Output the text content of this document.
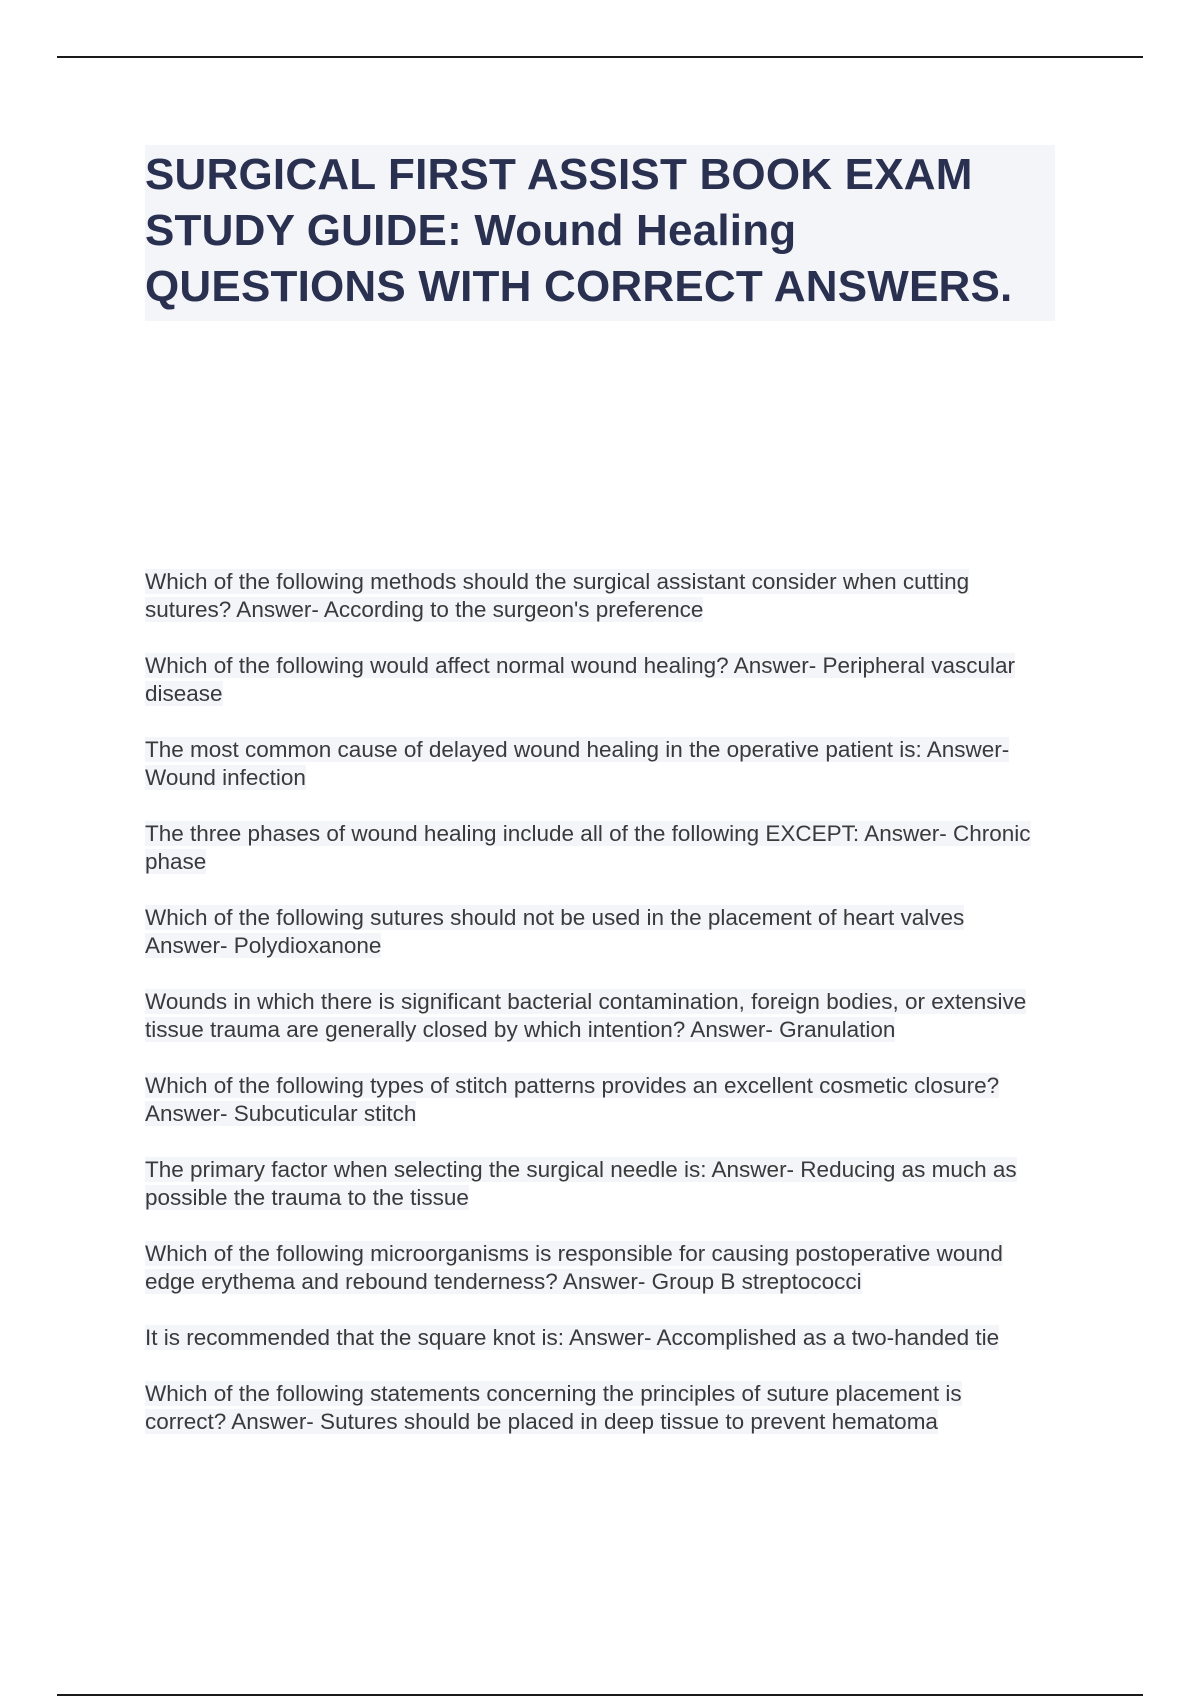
SURGICAL FIRST ASSIST BOOK EXAM STUDY GUIDE: Wound Healing QUESTIONS WITH CORRECT ANSWERS.

Which of the following methods should the surgical assistant consider when cutting sutures? Answer- According to the surgeon's preference

Which of the following would affect normal wound healing? Answer- Peripheral vascular disease

The most common cause of delayed wound healing in the operative patient is: Answer- Wound infection

The three phases of wound healing include all of the following EXCEPT: Answer- Chronic phase

Which of the following sutures should not be used in the placement of heart valves Answer- Polydioxanone

Wounds in which there is significant bacterial contamination, foreign bodies, or extensive tissue trauma are generally closed by which intention? Answer- Granulation

Which of the following types of stitch patterns provides an excellent cosmetic closure? Answer- Subcuticular stitch

The primary factor when selecting the surgical needle is: Answer- Reducing as much as possible the trauma to the tissue

Which of the following microorganisms is responsible for causing postoperative wound edge erythema and rebound tenderness? Answer- Group B streptococci

It is recommended that the square knot is: Answer- Accomplished as a two-handed tie

Which of the following statements concerning the principles of suture placement is correct? Answer- Sutures should be placed in deep tissue to prevent hematoma
